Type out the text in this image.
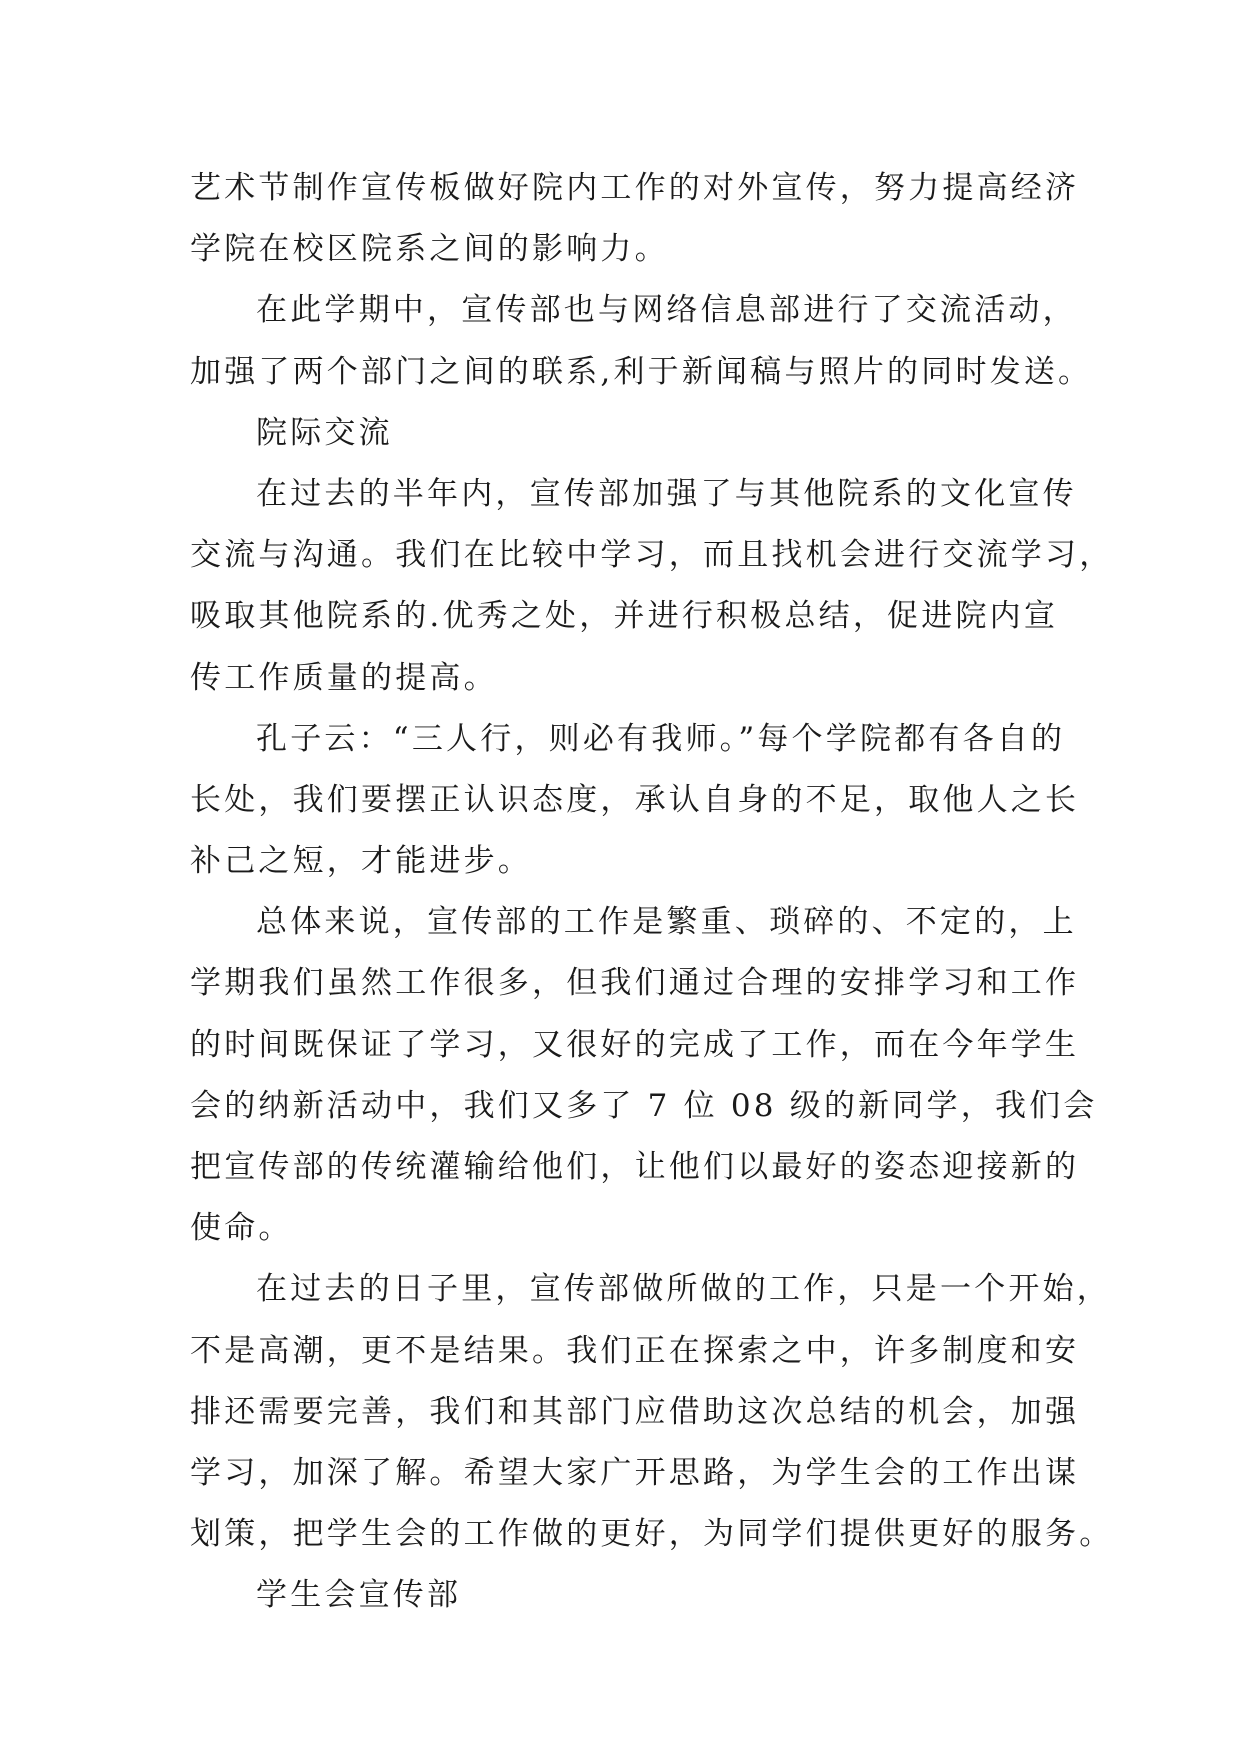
艺术节制作宣传板做好院内工作的对外宣传，努力提高经济
学院在校区院系之间的影响力。
在此学期中，宣传部也与网络信息部进行了交流活动，
加强了两个部门之间的联系,利于新闻稿与照片的同时发送。
院际交流
在过去的半年内，宣传部加强了与其他院系的文化宣传
交流与沟通。我们在比较中学习，而且找机会进行交流学习，
吸取其他院系的.优秀之处，并进行积极总结，促进院内宣
传工作质量的提高。
孔子云：“三人行，则必有我师。”每个学院都有各自的
长处，我们要摆正认识态度，承认自身的不足，取他人之长
补己之短，才能进步。
总体来说，宣传部的工作是繁重、琐碎的、不定的，上
学期我们虽然工作很多，但我们通过合理的安排学习和工作
的时间既保证了学习，又很好的完成了工作，而在今年学生
会的纳新活动中，我们又多了 7 位 08 级的新同学，我们会
把宣传部的传统灌输给他们，让他们以最好的姿态迎接新的
使命。
在过去的日子里，宣传部做所做的工作，只是一个开始，
不是高潮，更不是结果。我们正在探索之中，许多制度和安
排还需要完善，我们和其部门应借助这次总结的机会，加强
学习，加深了解。希望大家广开思路，为学生会的工作出谋
划策，把学生会的工作做的更好，为同学们提供更好的服务。
学生会宣传部
